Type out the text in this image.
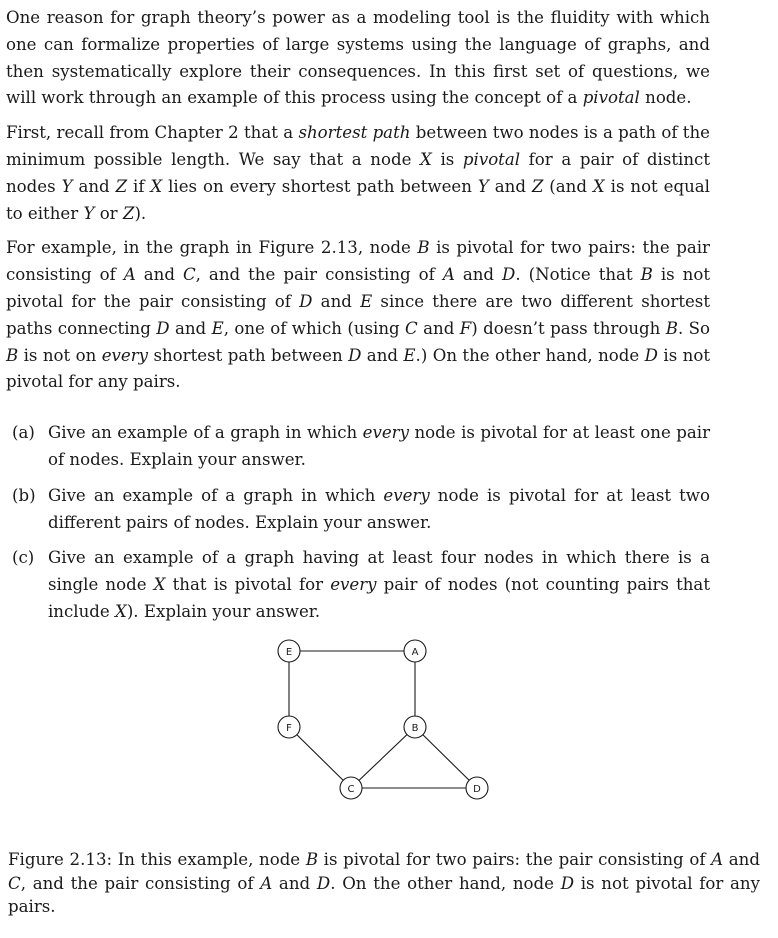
One reason for graph theory’s power as a modeling tool is the fluidity with which one can formalize properties of large systems using the language of graphs, and then systematically explore their consequences. In this first set of questions, we will work through an example of this process using the concept of a pivotal node.

First, recall from Chapter 2 that a shortest path between two nodes is a path of the minimum possible length. We say that a node X is pivotal for a pair of distinct nodes Y and Z if X lies on every shortest path between Y and Z (and X is not equal to either Y or Z).

For example, in the graph in Figure 2.13, node B is pivotal for two pairs: the pair consisting of A and C, and the pair consisting of A and D. (Notice that B is not pivotal for the pair consisting of D and E since there are two different shortest paths connecting D and E, one of which (using C and F) doesn’t pass through B. So B is not on every shortest path between D and E.) On the other hand, node D is not pivotal for any pairs.

(a) Give an example of a graph in which every node is pivotal for at least one pair of nodes. Explain your answer.
(b) Give an example of a graph in which every node is pivotal for at least two different pairs of nodes. Explain your answer.
(c) Give an example of a graph having at least four nodes in which there is a single node X that is pivotal for every pair of nodes (not counting pairs that include X). Explain your answer.
E	A
F	B
C	D

Figure 2.13: In this example, node B is pivotal for two pairs: the pair consisting of A and C, and the pair consisting of A and D. On the other hand, node D is not pivotal for any pairs.
